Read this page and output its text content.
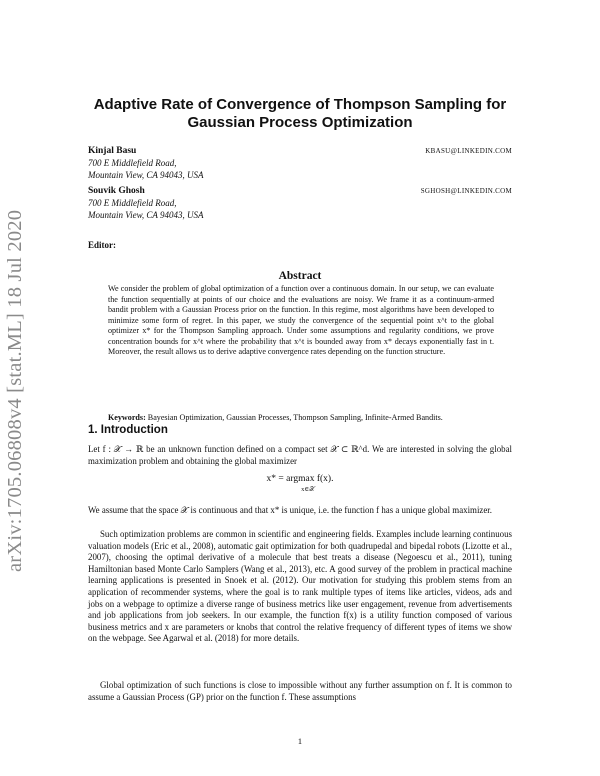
arXiv:1705.06808v4 [stat.ML] 18 Jul 2020
Adaptive Rate of Convergence of Thompson Sampling for
Gaussian Process Optimization
Kinjal Basu	KBASU@LINKEDIN.COM
700 E Middlefield Road,
Mountain View, CA 94043, USA
Souvik Ghosh	SGHOSH@LINKEDIN.COM
700 E Middlefield Road,
Mountain View, CA 94043, USA
Editor:
Abstract

We consider the problem of global optimization of a function over a continuous domain. In our setup, we can evaluate the function sequentially at points of our choice and the evaluations are noisy. We frame it as a continuum-armed bandit problem with a Gaussian Process prior on the function. In this regime, most algorithms have been developed to minimize some form of regret. In this paper, we study the convergence of the sequential point x^t to the global optimizer x* for the Thompson Sampling approach. Under some assumptions and regularity conditions, we prove concentration bounds for x^t where the probability that x^t is bounded away from x* decays exponentially fast in t. Moreover, the result allows us to derive adaptive convergence rates depending on the function structure.

Keywords: Bayesian Optimization, Gaussian Processes, Thompson Sampling, Infinite-Armed Bandits.

1. Introduction

Let f : 𝒳 → ℝ be an unknown function defined on a compact set 𝒳 ⊂ ℝ^d. We are interested in solving the global maximization problem and obtaining the global maximizer

x* = argmax f(x).
x∈𝒳

We assume that the space 𝒳 is continuous and that x* is unique, i.e. the function f has a unique global maximizer.

Such optimization problems are common in scientific and engineering fields. Examples include learning continuous valuation models (Eric et al., 2008), automatic gait optimization for both quadrupedal and bipedal robots (Lizotte et al., 2007), choosing the optimal derivative of a molecule that best treats a disease (Negoescu et al., 2011), tuning Hamiltonian based Monte Carlo Samplers (Wang et al., 2013), etc. A good survey of the problem in practical machine learning applications is presented in Snoek et al. (2012). Our motivation for studying this problem stems from an application of recommender systems, where the goal is to rank multiple types of items like articles, videos, ads and jobs on a webpage to optimize a diverse range of business metrics like user engagement, revenue from advertisements and job applications from job seekers. In our example, the function f(x) is a utility function composed of various business metrics and x are parameters or knobs that control the relative frequency of different types of items we show on the webpage. See Agarwal et al. (2018) for more details.

Global optimization of such functions is close to impossible without any further assumption on f. It is common to assume a Gaussian Process (GP) prior on the function f. These assumptions

1
